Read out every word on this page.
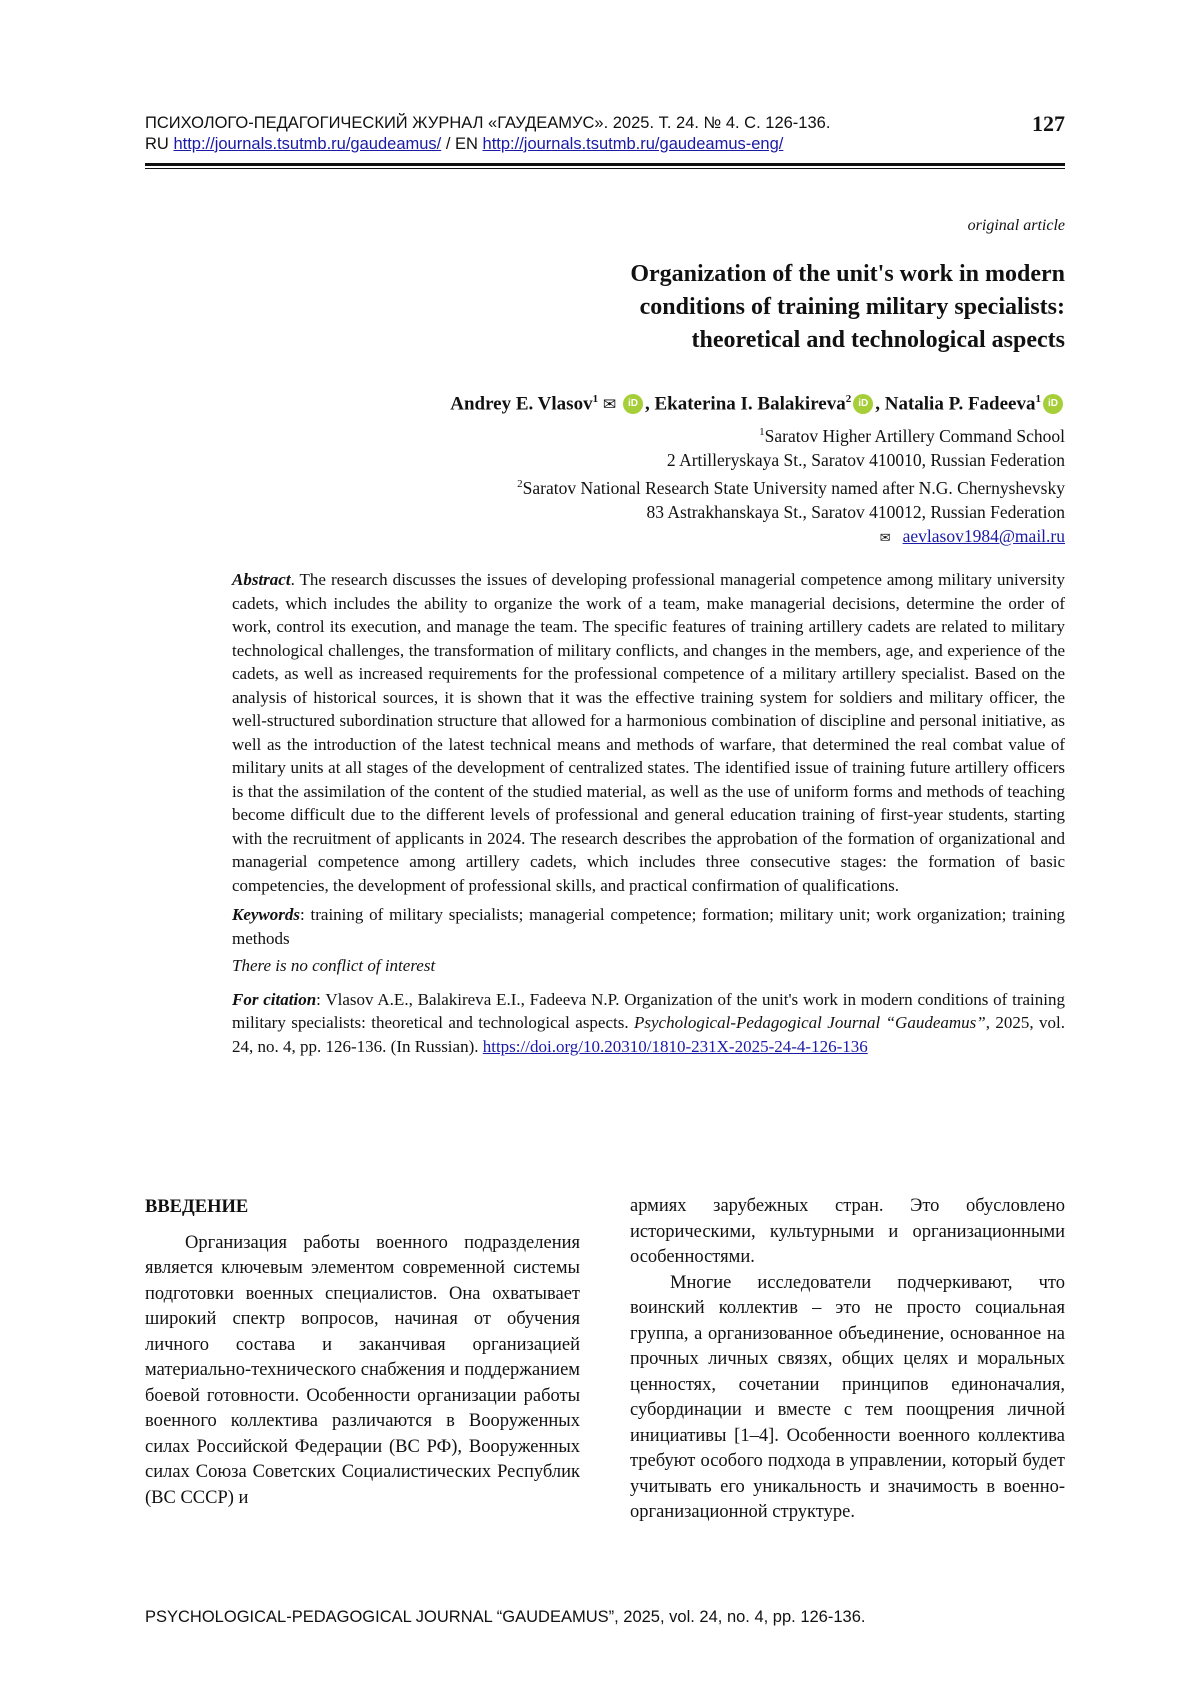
ПСИХОЛОГО-ПЕДАГОГИЧЕСКИЙ ЖУРНАЛ «ГАУДЕАМУС». 2025. Т. 24. № 4. С. 126-136.
RU http://journals.tsutmb.ru/gaudeamus/ / EN http://journals.tsutmb.ru/gaudeamus-eng/
127
original article
Organization of the unit's work in modern
conditions of training military specialists:
theoretical and technological aspects
Andrey E. Vlasov$^1$ ✉ iD , Ekaterina I. Balakireva$^2$ iD , Natalia P. Fadeeva$^1$ iD
$^1$Saratov Higher Artillery Command School
2 Artilleryskaya St., Saratov 410010, Russian Federation
$^2$Saratov National Research State University named after N.G. Chernyshevsky
83 Astrakhanskaya St., Saratov 410012, Russian Federation
✉ aevlasov1984@mail.ru

Abstract. The research discusses the issues of developing professional managerial competence among military university cadets, which includes the ability to organize the work of a team, make managerial decisions, determine the order of work, control its execution, and manage the team. The specific features of training artillery cadets are related to military technological challenges, the transformation of military conflicts, and changes in the members, age, and experience of the cadets, as well as increased requirements for the professional competence of a military artillery specialist. Based on the analysis of historical sources, it is shown that it was the effective training system for soldiers and military officer, the well-structured subordination structure that allowed for a harmonious combination of discipline and personal initiative, as well as the introduction of the latest technical means and methods of warfare, that determined the real combat value of military units at all stages of the development of centralized states. The identified issue of training future artillery officers is that the assimilation of the content of the studied material, as well as the use of uniform forms and methods of teaching become difficult due to the different levels of professional and general education training of first-year students, starting with the recruitment of applicants in 2024. The research describes the approbation of the formation of organizational and managerial competence among artillery cadets, which includes three consecutive stages: the formation of basic competencies, the development of professional skills, and practical confirmation of qualifications.

Keywords: training of military specialists; managerial competence; formation; military unit; work organization; training methods

There is no conflict of interest

For citation: Vlasov A.E., Balakireva E.I., Fadeeva N.P. Organization of the unit's work in modern conditions of training military specialists: theoretical and technological aspects. Psychological-Pedagogical Journal “Gaudeamus”, 2025, vol. 24, no. 4, pp. 126-136. (In Russian). https://doi.org/10.20310/1810-231X-2025-24-4-126-136

ВВЕДЕНИЕ

Организация работы военного подразделения является ключевым элементом современной системы подготовки военных специалистов. Она охватывает широкий спектр вопросов, начиная от обучения личного состава и заканчивая организацией материально-технического снабжения и поддержанием боевой готовности. Особенности организации работы военного коллектива различаются в Вооруженных силах Российской Федерации (ВС РФ), Вооруженных силах Союза Советских Социалистических Республик (ВС СССР) и

армиях зарубежных стран. Это обусловлено историческими, культурными и организационными особенностями.

Многие исследователи подчеркивают, что воинский коллектив – это не просто социальная группа, а организованное объединение, основанное на прочных личных связях, общих целях и моральных ценностях, сочетании принципов единоначалия, субординации и вместе с тем поощрения личной инициативы [1–4]. Особенности военного коллектива требуют особого подхода в управлении, который будет учитывать его уникальность и значимость в военно-организационной структуре.

PSYCHOLOGICAL-PEDAGOGICAL JOURNAL “GAUDEAMUS”, 2025, vol. 24, no. 4, pp. 126-136.
